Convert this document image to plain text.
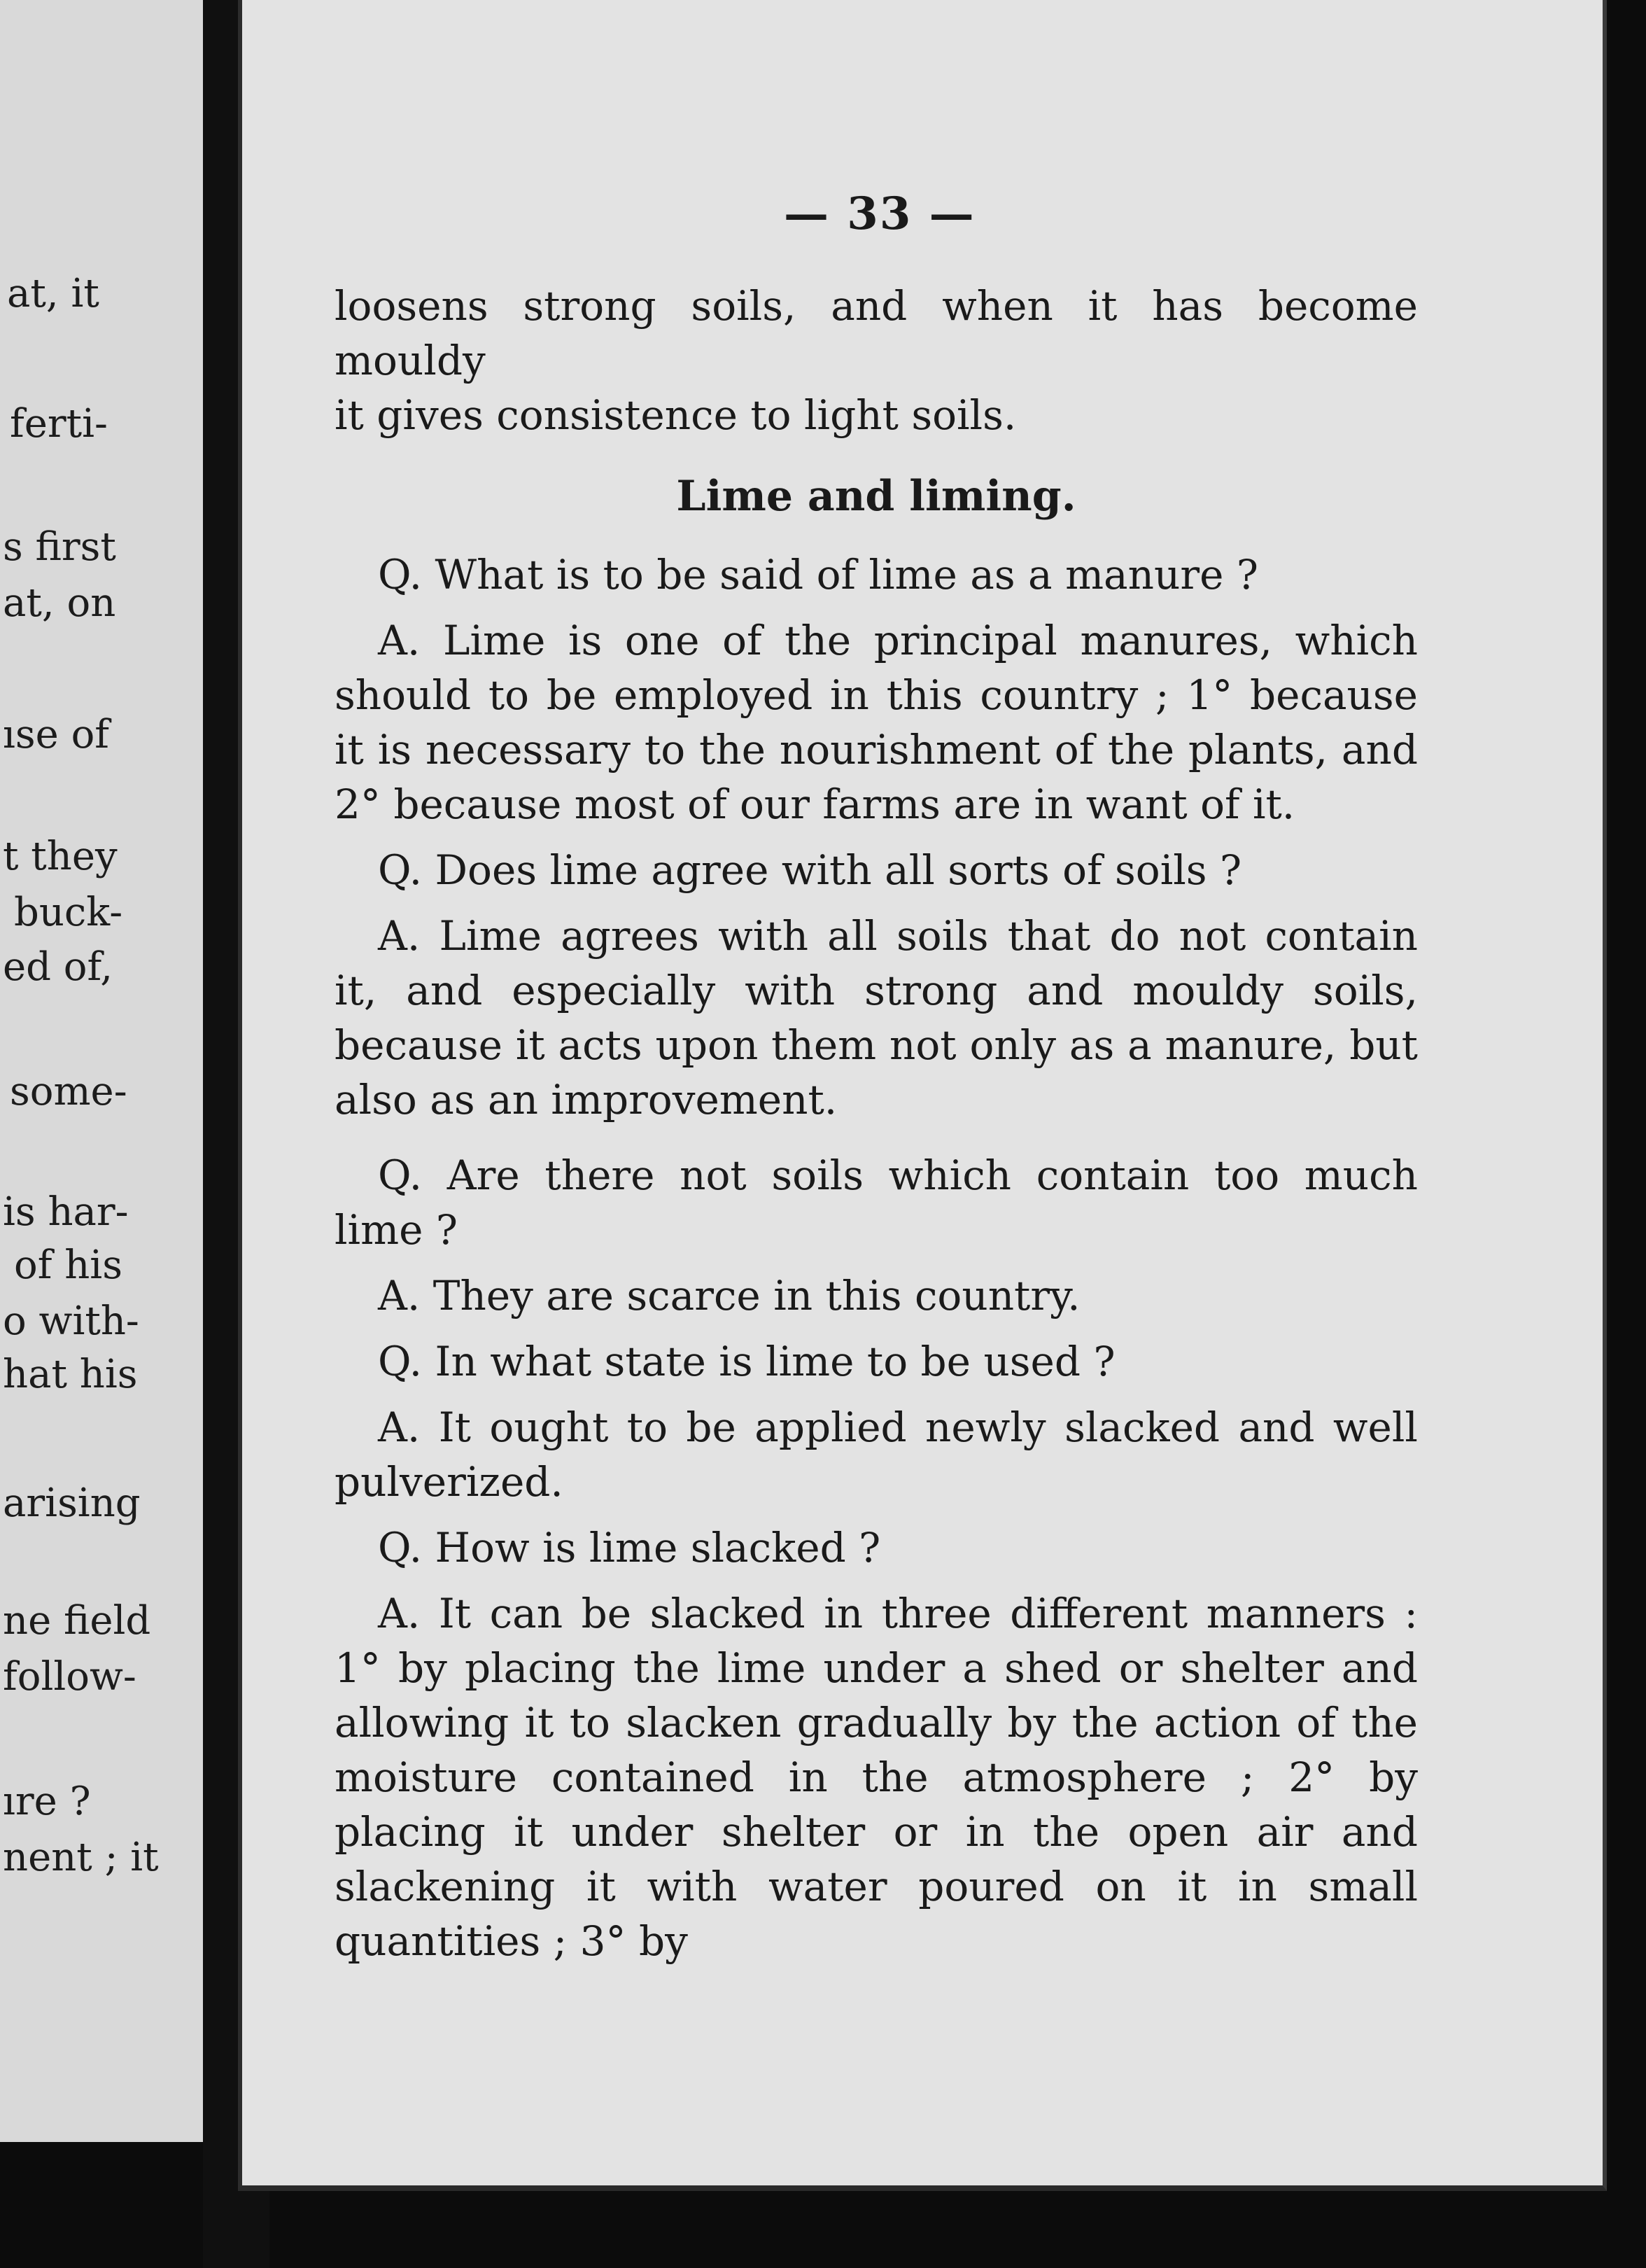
at, it
ferti-
s first
at, on
ıse of
t they
buck-
ed of,
some-
is har-
of his
o with-
hat his
arising
ne field
follow-
ıre ?
nent ; it
— 33 —

loosens strong soils, and when it has become mouldy

it gives consistence to light soils.

Lime and liming.

Q. What is to be said of lime as a manure ?

A. Lime is one of the principal manures, which should to be employed in this country ; 1° because it is necessary to the nourishment of the plants, and 2° because most of our farms are in want of it.

Q. Does lime agree with all sorts of soils ?

A. Lime agrees with all soils that do not contain it, and especially with strong and mouldy soils, because it acts upon them not only as a manure, but also as an improvement.

Q. Are there not soils which contain too much lime ?

A. They are scarce in this country.

Q. In what state is lime to be used ?

A. It ought to be applied newly slacked and well pulverized.

Q. How is lime slacked ?

A. It can be slacked in three different manners : 1° by placing the lime under a shed or shelter and allowing it to slacken gradually by the action of the moisture contained in the atmosphere ; 2° by placing it under shelter or in the open air and slackening it with water poured on it in small quantities ; 3° by
